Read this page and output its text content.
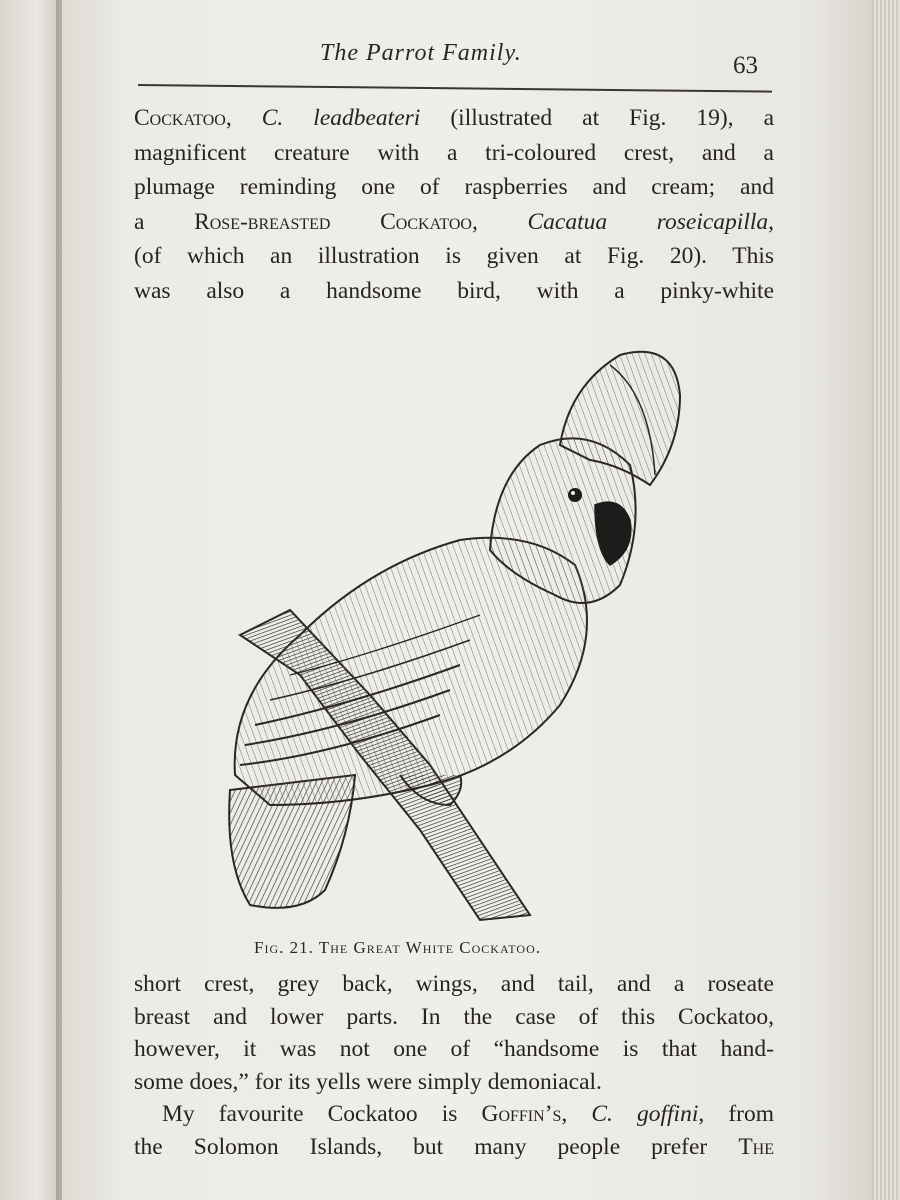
The Parrot Family.	63
Cockatoo, C. leadbeateri (illustrated at Fig. 19), a
magnificent creature with a tri-coloured crest, and a
plumage reminding one of raspberries and cream; and
a Rose-breasted Cockatoo, Cacatua roseicapilla,
(of which an illustration is given at Fig. 20). This
was also a handsome bird, with a pinky-white
Fig. 21. The Great White Cockatoo.
short crest, grey back, wings, and tail, and a roseate
breast and lower parts. In the case of this Cockatoo,
however, it was not one of “handsome is that hand-
some does,” for its yells were simply demoniacal.
My favourite Cockatoo is Goffin’s, C. goffini, from
the Solomon Islands, but many people prefer The
